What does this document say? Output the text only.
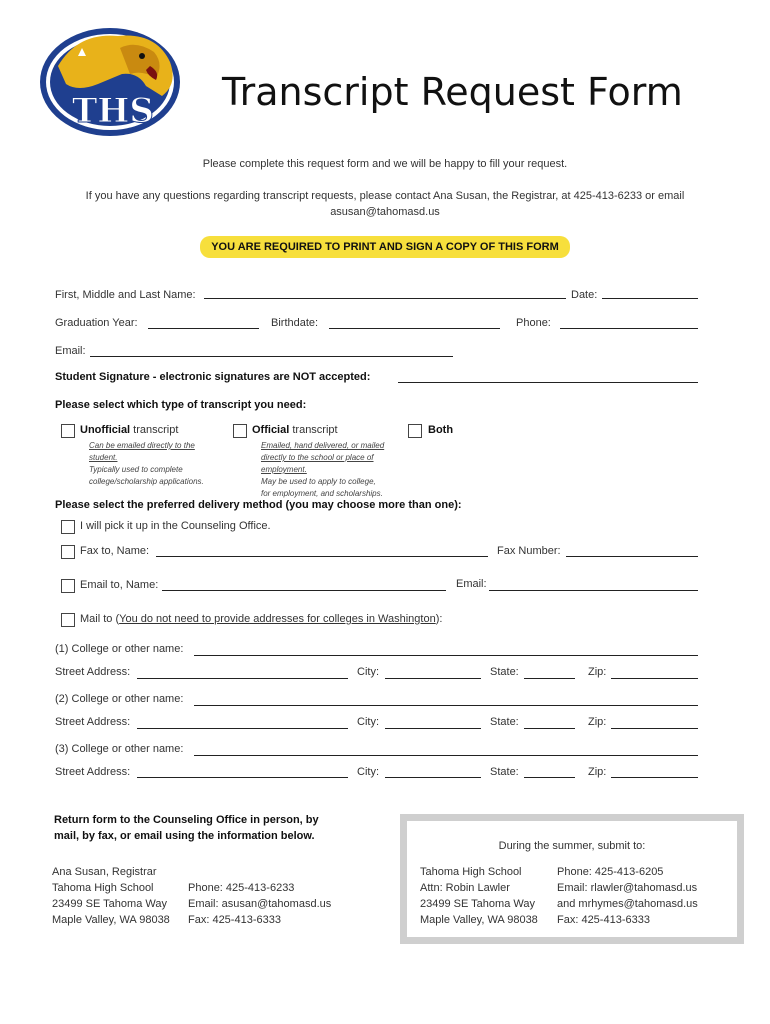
THS Transcript Request Form
Please complete this request form and we will be happy to fill your request.
If you have any questions regarding transcript requests, please contact Ana Susan, the Registrar, at 425-413-6233 or email
asusan@tahomasd.us
YOU ARE REQUIRED TO PRINT AND SIGN A COPY OF THIS FORM
First, Middle and Last Name:	Date:
Graduation Year:	Birthdate:	Phone:
Email:
Student Signature - electronic signatures are NOT accepted:
Please select which type of transcript you need:
Unofficial transcript
Can be emailed directly to the
student.
Typically used to complete
college/scholarship applications.
Official transcript
Emailed, hand delivered, or mailed
directly to the school or place of
employment.
May be used to apply to college,
for employment, and scholarships.
Both
Please select the preferred delivery method (you may choose more than one):
I will pick it up in the Counseling Office.
Fax to, Name:	Fax Number:
Email to, Name:	Email:
Mail to (You do not need to provide addresses for colleges in Washington):
(1) College or other name:
Street Address:	City:	State:	Zip:
(2) College or other name:
Street Address:	City:	State:	Zip:
(3) College or other name:
Street Address:	City:	State:	Zip:
Return form to the Counseling Office in person, by
mail, by fax, or email using the information below.
Ana Susan, Registrar
Tahoma High School
23499 SE Tahoma Way
Maple Valley, WA 98038
Phone: 425-413-6233
Email: asusan@tahomasd.us
Fax: 425-413-6333
During the summer, submit to:
Tahoma High School
Attn: Robin Lawler
23499 SE Tahoma Way
Maple Valley, WA 98038
Phone: 425-413-6205
Email: rlawler@tahomasd.us
and mrhymes@tahomasd.us
Fax: 425-413-6333
